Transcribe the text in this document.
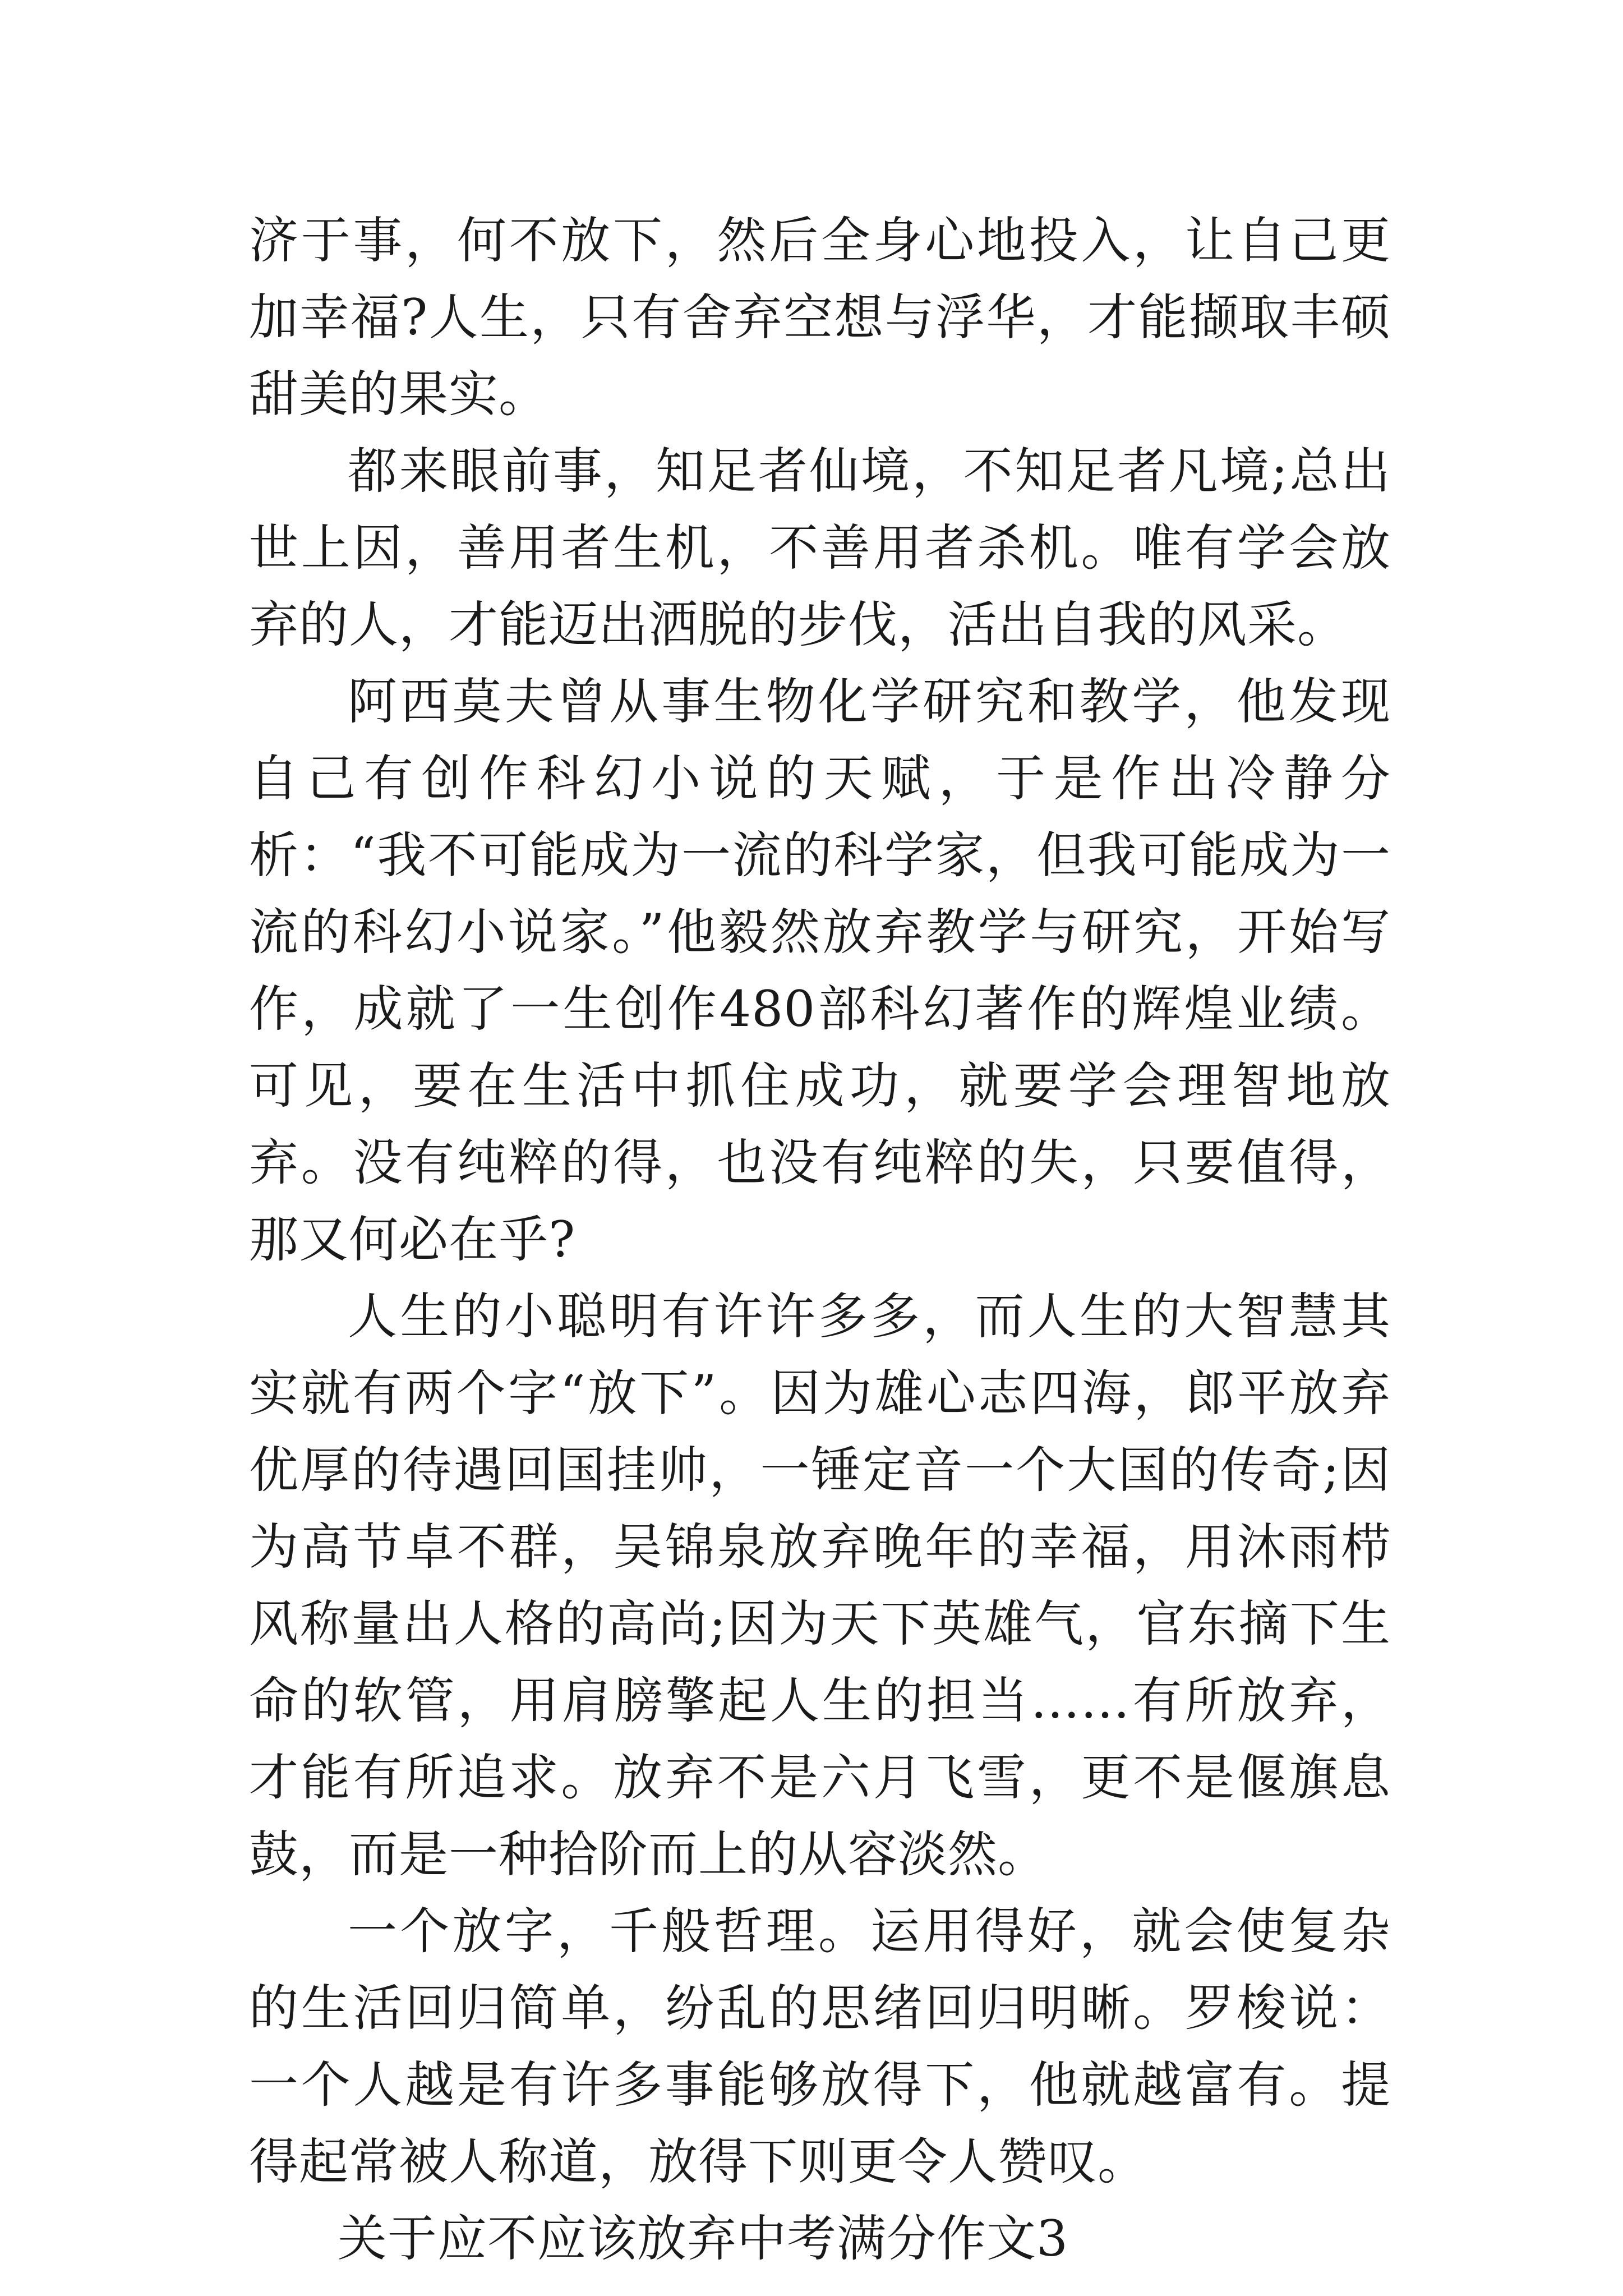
济于事，何不放下，然后全身心地投入，让自己更加幸福?人生，只有舍弃空想与浮华，才能撷取丰硕甜美的果实。

都来眼前事，知足者仙境，不知足者凡境;总出世上因，善用者生机，不善用者杀机。唯有学会放弃的人，才能迈出洒脱的步伐，活出自我的风采。

阿西莫夫曾从事生物化学研究和教学，他发现自己有创作科幻小说的天赋，于是作出冷静分析：“我不可能成为一流的科学家，但我可能成为一流的科幻小说家。”他毅然放弃教学与研究，开始写作，成就了一生创作480部科幻著作的辉煌业绩。可见，要在生活中抓住成功，就要学会理智地放弃。没有纯粹的得，也没有纯粹的失，只要值得，那又何必在乎?

人生的小聪明有许许多多，而人生的大智慧其实就有两个字“放下”。因为雄心志四海，郎平放弃优厚的待遇回国挂帅，一锤定音一个大国的传奇;因为高节卓不群，吴锦泉放弃晚年的幸福，用沐雨栉风称量出人格的高尚;因为天下英雄气，官东摘下生命的软管，用肩膀擎起人生的担当……有所放弃，才能有所追求。放弃不是六月飞雪，更不是偃旗息鼓，而是一种拾阶而上的从容淡然。

一个放字，千般哲理。运用得好，就会使复杂的生活回归简单，纷乱的思绪回归明晰。罗梭说：一个人越是有许多事能够放得下，他就越富有。提得起常被人称道，放得下则更令人赞叹。

关于应不应该放弃中考满分作文3
